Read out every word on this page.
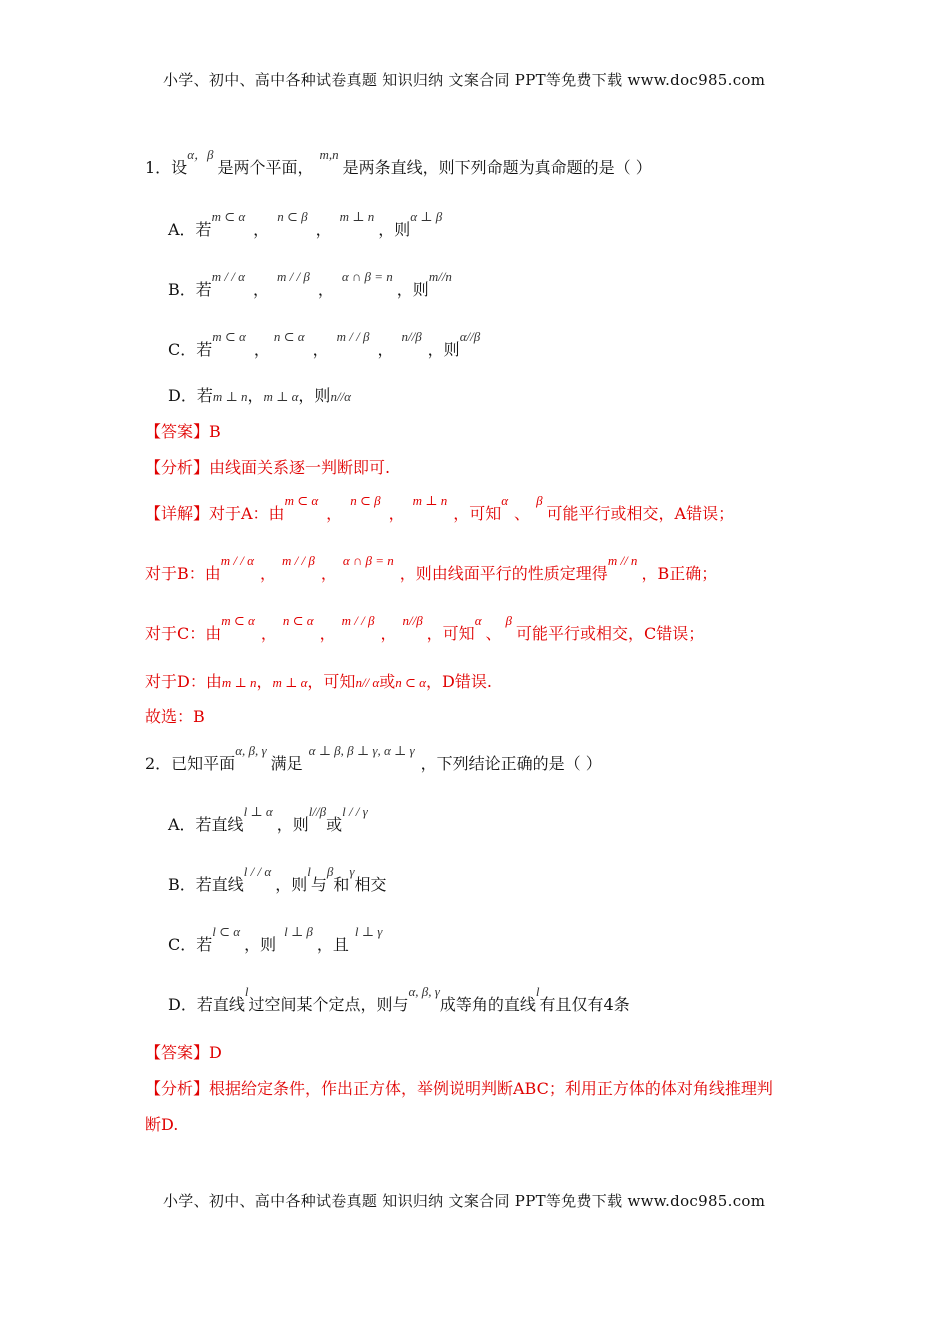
小学、初中、高中各种试卷真题 知识归纳 文案合同 PPT等免费下载 www.doc985.com
1．设$^{\alpha,\beta}$是两个平面，$^{m,n}$是两条直线，则下列命题为真命题的是（ ）
A．若$^{m \subset \alpha}$，$^{n \subset \beta}$，$^{m \perp n}$，则$^{\alpha \perp \beta}$
B．若$^{m / / \alpha}$，$^{m / / \beta}$，$^{\alpha \cap \beta = n}$，则$^{m//n}$
C．若$^{m \subset \alpha}$，$^{n \subset \alpha}$，$^{m / / \beta}$，$^{n//\beta}$，则$^{\alpha//\beta}$
D．若m ⊥ n，m ⊥ α，则n//α
【答案】B
【分析】由线面关系逐一判断即可.
【详解】对于A：由$^{m \subset \alpha}$，$^{n \subset \beta}$，$^{m \perp n}$，可知$^\alpha$、$^\beta$可能平行或相交，A错误；
对于B：由$^{m / / \alpha}$，$^{m / / \beta}$，$^{\alpha \cap \beta = n}$，则由线面平行的性质定理得$^{m // n}$，B正确；
对于C：由$^{m \subset \alpha}$，$^{n \subset \alpha}$，$^{m / / \beta}$，$^{n//\beta}$，可知$^\alpha$、$^\beta$可能平行或相交，C错误；
对于D：由m ⊥ n，m ⊥ α，可知n// α或n ⊂ α，D错误.
故选：B
2．已知平面$^{\alpha, \beta, \gamma}$满足$^{\alpha \perp \beta, \beta \perp \gamma, \alpha \perp \gamma}$，下列结论正确的是（ ）
A．若直线$^{l \perp \alpha}$，则$^{l//\beta}$或$^{l / / \gamma}$
B．若直线$^{l / / \alpha}$，则$^l$与$^\beta$和$^\gamma$相交
C．若$^{l \subset \alpha}$，则$^{l \perp \beta}$，且$^{l \perp \gamma}$
D．若直线$^l$过空间某个定点，则与$^{\alpha, \beta, \gamma}$成等角的直线$^l$有且仅有4条
【答案】D
【分析】根据给定条件，作出正方体，举例说明判断ABC；利用正方体的体对角线推理判
断D.
小学、初中、高中各种试卷真题 知识归纳 文案合同 PPT等免费下载 www.doc985.com
